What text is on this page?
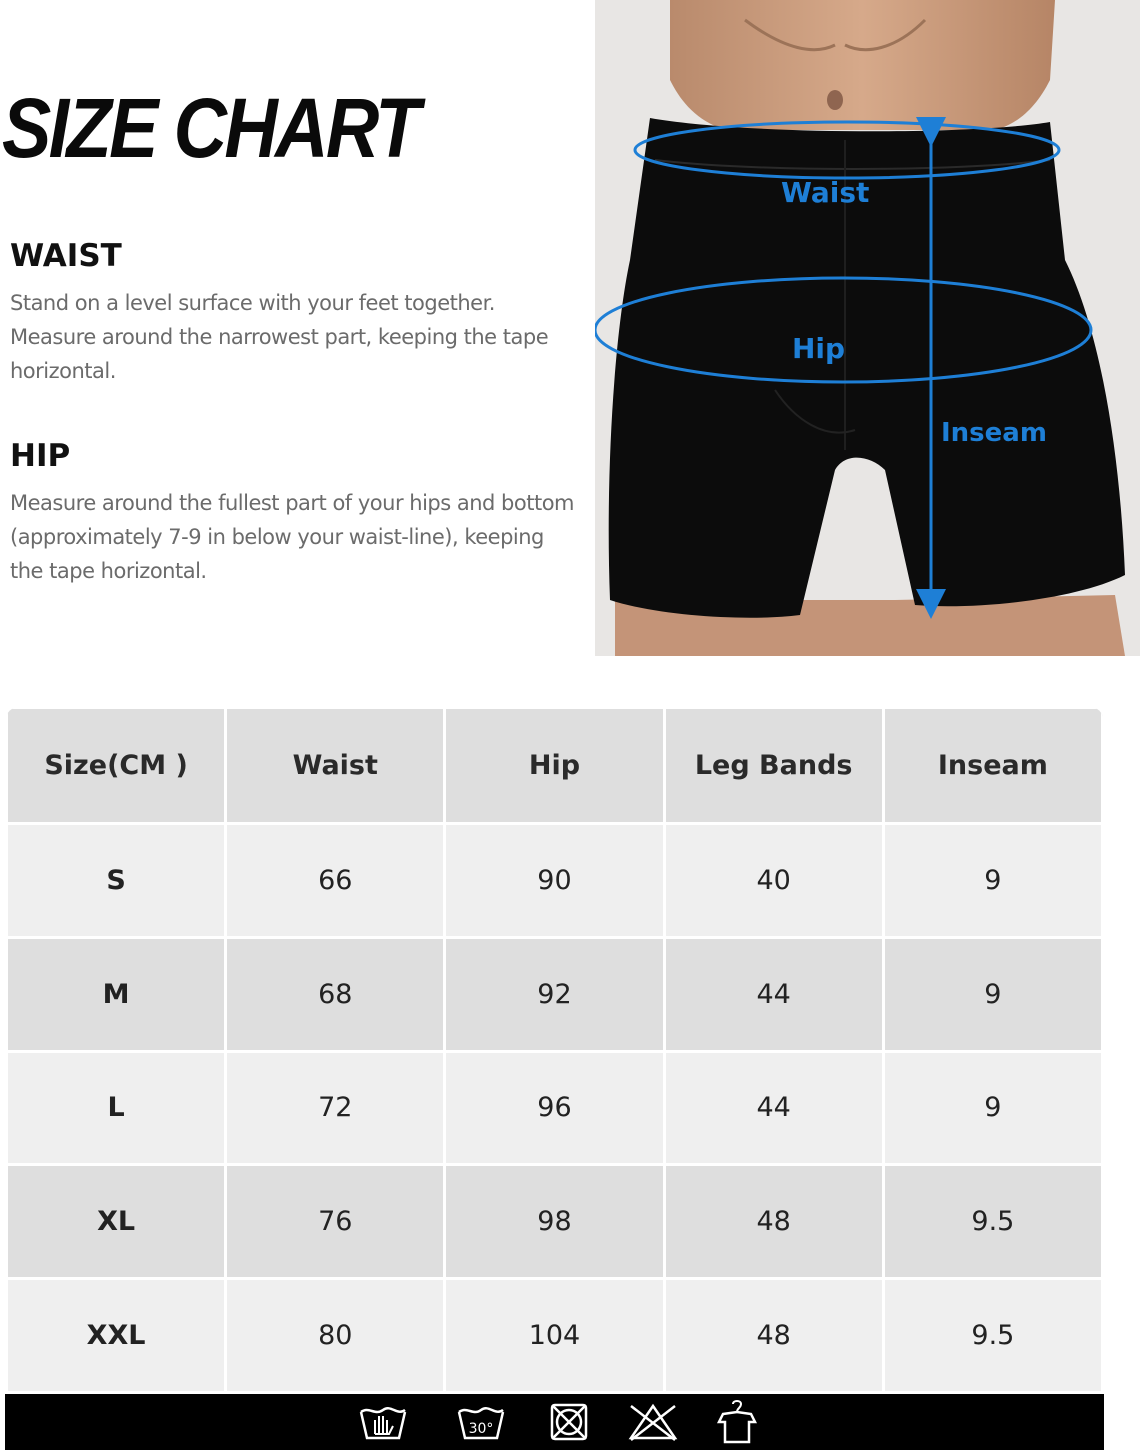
SIZE CHART
WAIST

Stand on a level surface with your feet together. Measure around the narrowest part, keeping the tape horizontal.

HIP

Measure around the fullest part of your hips and bottom (approximately 7-9 in below your waist-line), keeping the tape horizontal.

Waist
Hip
Inseam
Size(CM )	Waist	Hip	Leg Bands	Inseam
S	66	90	40	9
M	68	92	44	9
L	72	96	44	9
XL	76	98	48	9.5
XXL	80	104	48	9.5
30°
